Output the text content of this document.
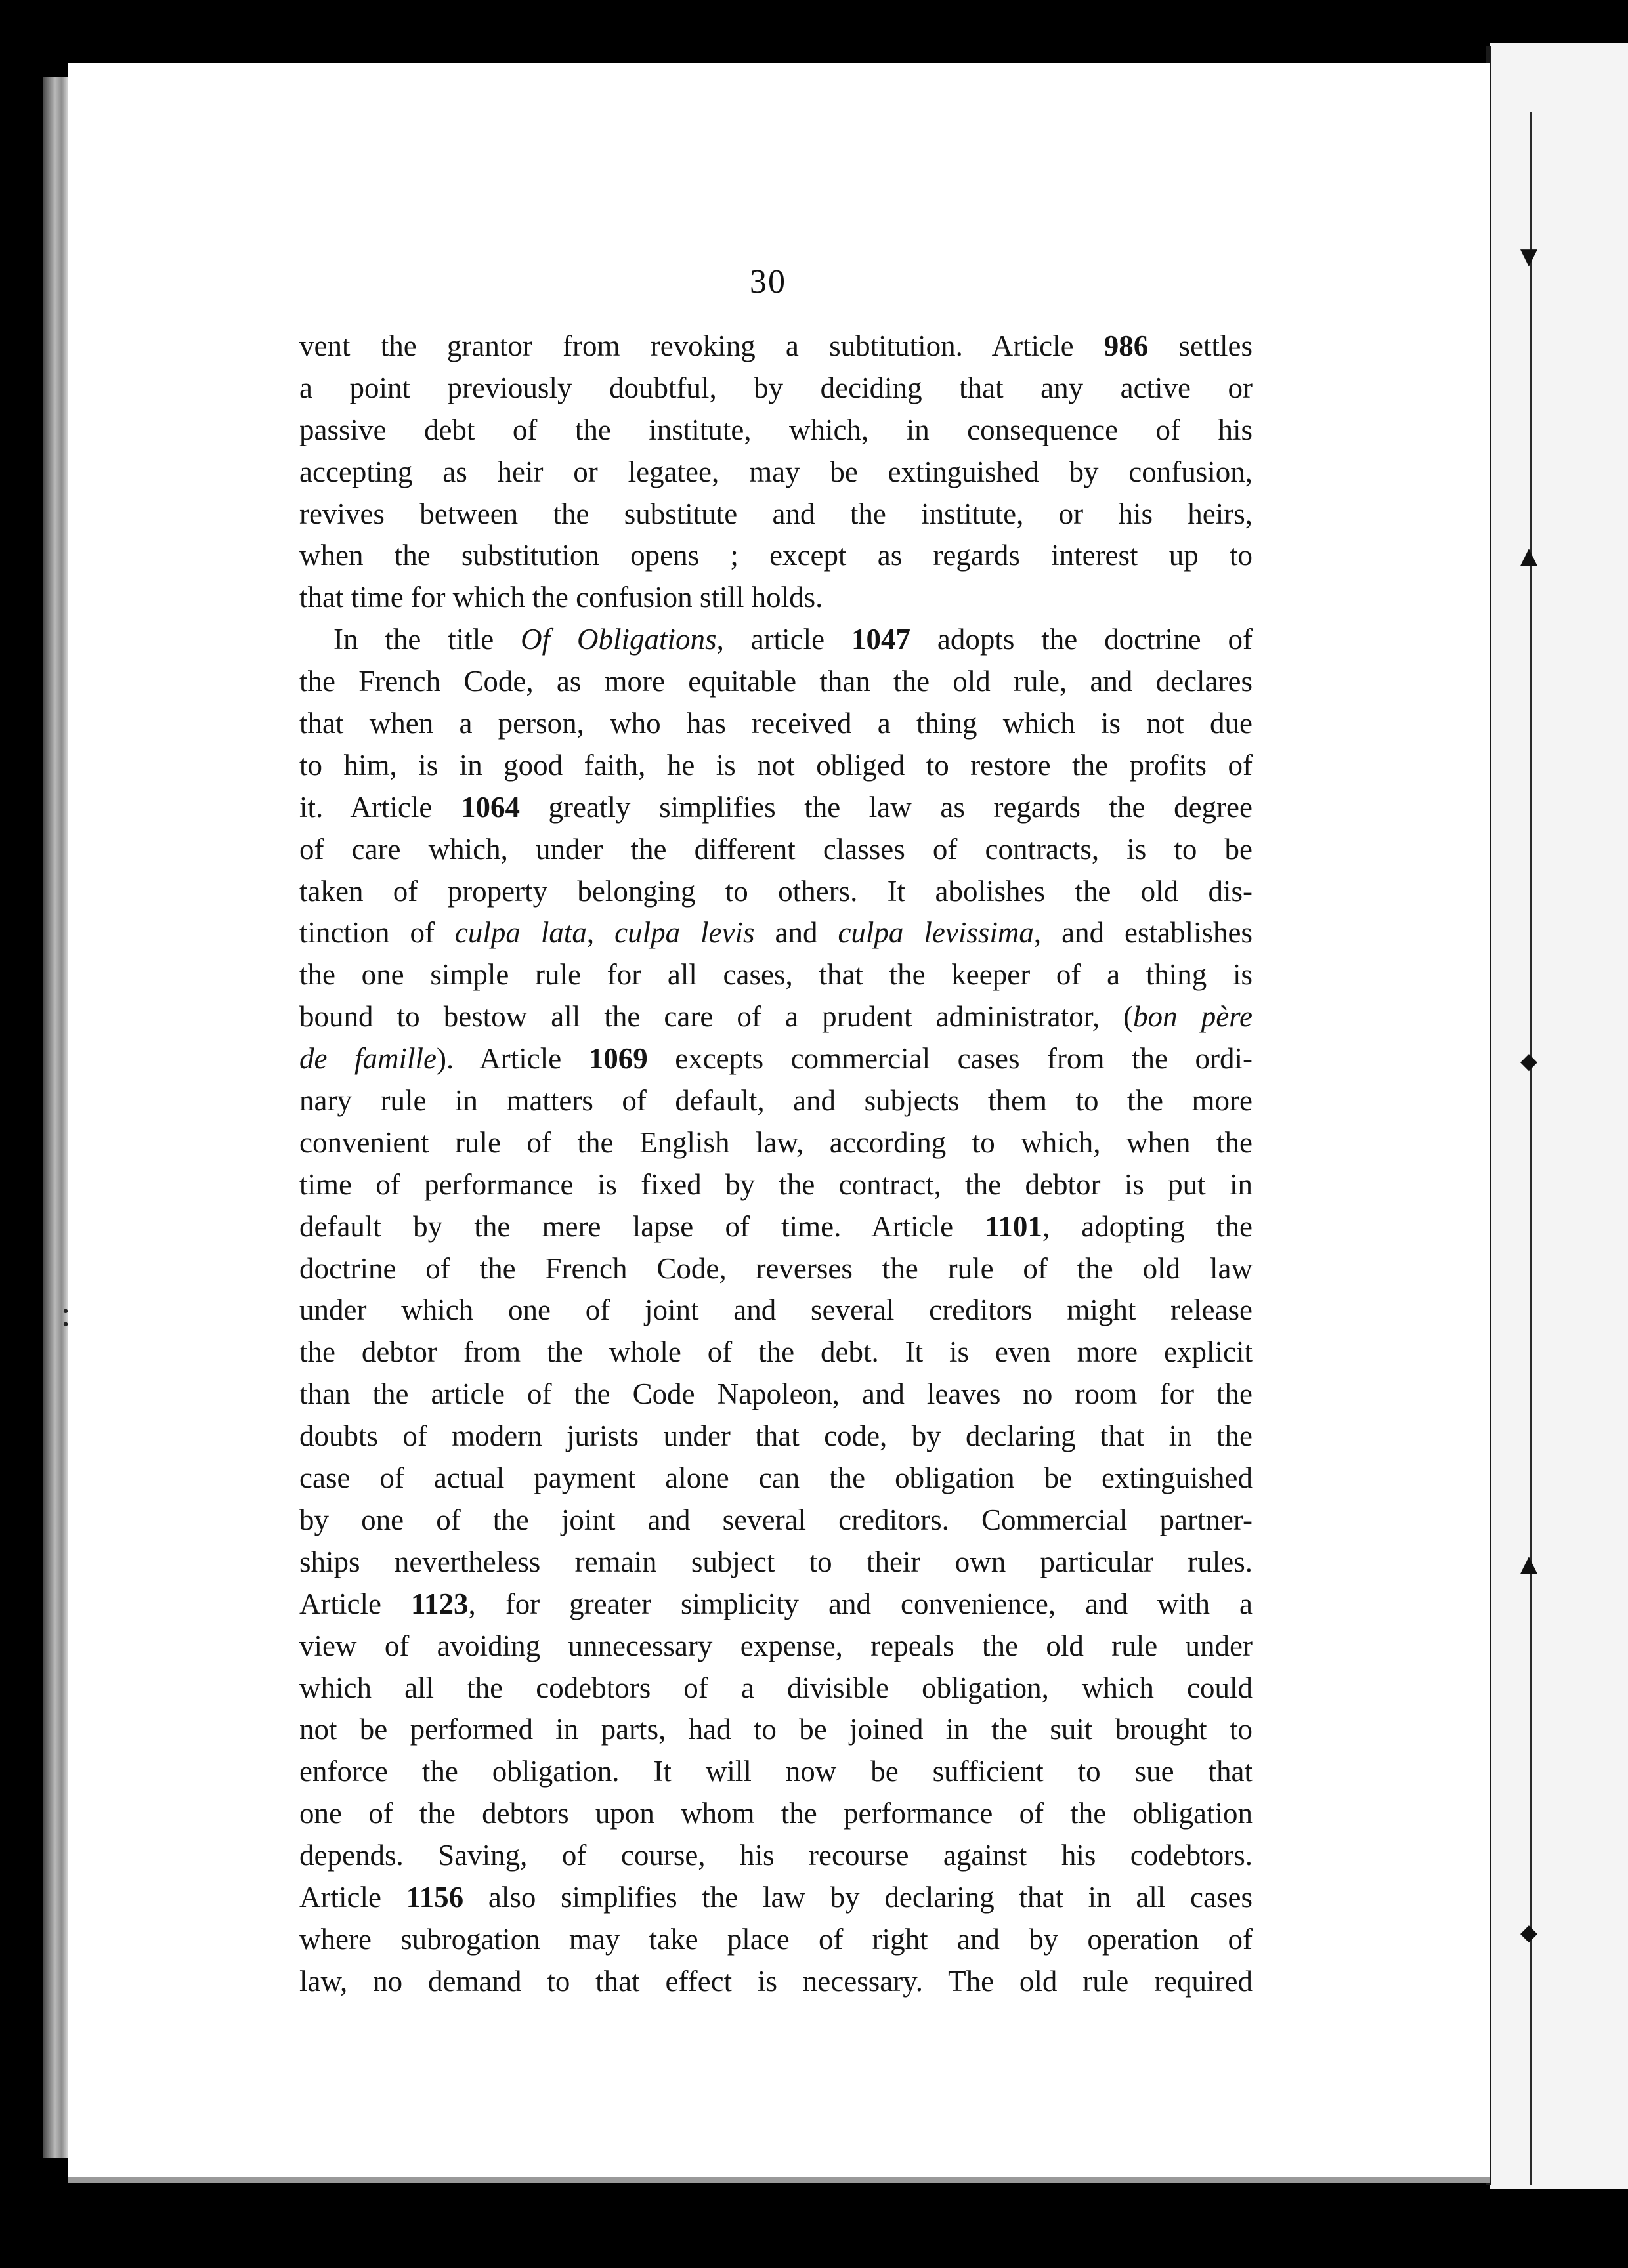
▼
▲
◆
▲
◆
•
•
30
vent the grantor from revoking a subtitution. Article 986 settles
a point previously doubtful, by deciding that any active or
passive debt of the institute, which, in consequence of his
accepting as heir or legatee, may be extinguished by confusion,
revives between the substitute and the institute, or his heirs,
when the substitution opens ; except as regards interest up to
that time for which the confusion still holds.
In the title Of Obligations, article 1047 adopts the doctrine of
the French Code, as more equitable than the old rule, and declares
that when a person, who has received a thing which is not due
to him, is in good faith, he is not obliged to restore the profits of
it. Article 1064 greatly simplifies the law as regards the degree
of care which, under the different classes of contracts, is to be
taken of property belonging to others. It abolishes the old dis-
tinction of culpa lata, culpa levis and culpa levissima, and establishes
the one simple rule for all cases, that the keeper of a thing is
bound to bestow all the care of a prudent administrator, (bon père
de famille). Article 1069 excepts commercial cases from the ordi-
nary rule in matters of default, and subjects them to the more
convenient rule of the English law, according to which, when the
time of performance is fixed by the contract, the debtor is put in
default by the mere lapse of time. Article 1101, adopting the
doctrine of the French Code, reverses the rule of the old law
under which one of joint and several creditors might release
the debtor from the whole of the debt. It is even more explicit
than the article of the Code Napoleon, and leaves no room for the
doubts of modern jurists under that code, by declaring that in the
case of actual payment alone can the obligation be extinguished
by one of the joint and several creditors. Commercial partner-
ships nevertheless remain subject to their own particular rules.
Article 1123, for greater simplicity and convenience, and with a
view of avoiding unnecessary expense, repeals the old rule under
which all the codebtors of a divisible obligation, which could
not be performed in parts, had to be joined in the suit brought to
enforce the obligation. It will now be sufficient to sue that
one of the debtors upon whom the performance of the obligation
depends. Saving, of course, his recourse against his codebtors.
Article 1156 also simplifies the law by declaring that in all cases
where subrogation may take place of right and by operation of
law, no demand to that effect is necessary. The old rule required
